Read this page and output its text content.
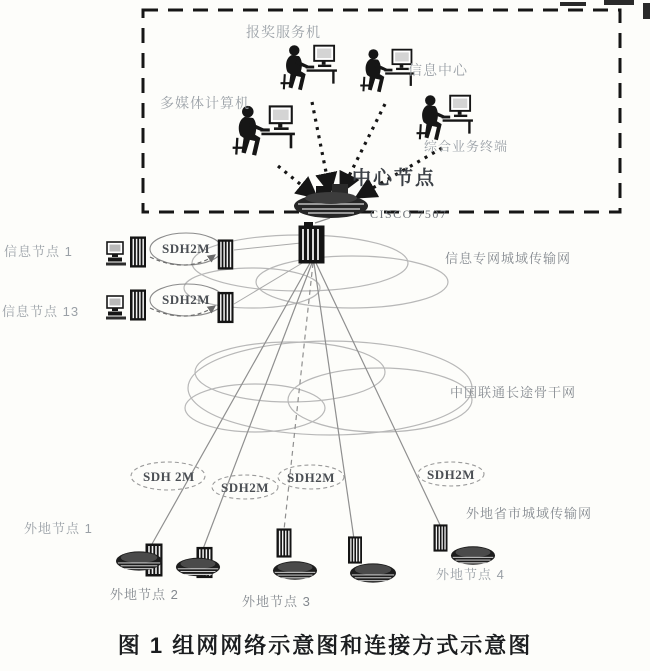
报奖服务机
信息中心
多媒体计算机
综合业务终端
中心节点
CISCO 7507
信息节点 1
信息节点 13
SDH2M
SDH2M
信息专网城域传输网
中国联通长途骨干网
外地省市城域传输网
SDH 2M
SDH2M
SDH2M	SDH2M
外地节点 1
外地节点 2	外地节点 3
外地节点 4
图 1 组网网络示意图和连接方式示意图
